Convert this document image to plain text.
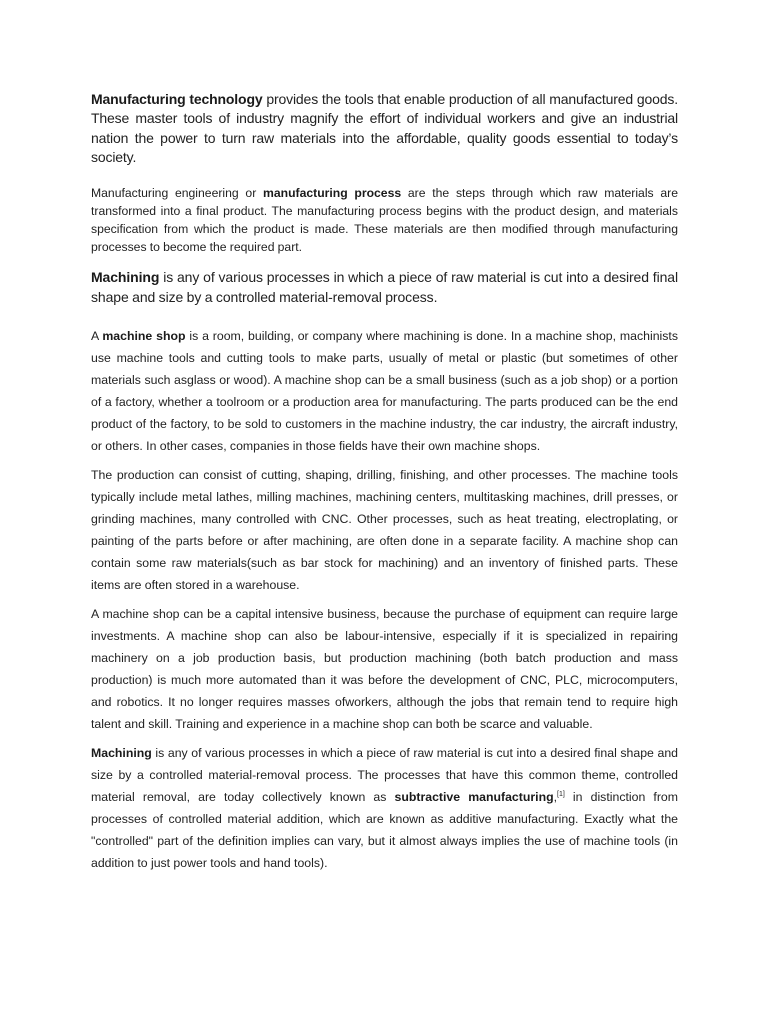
Manufacturing technology provides the tools that enable production of all manufactured goods. These master tools of industry magnify the effort of individual workers and give an industrial nation the power to turn raw materials into the affordable, quality goods essential to today’s society.

Manufacturing engineering or manufacturing process are the steps through which raw materials are transformed into a final product. The manufacturing process begins with the product design, and materials specification from which the product is made. These materials are then modified through manufacturing processes to become the required part.

Machining is any of various processes in which a piece of raw material is cut into a desired final shape and size by a controlled material-removal process.

A machine shop is a room, building, or company where machining is done. In a machine shop, machinists use machine tools and cutting tools to make parts, usually of metal or plastic (but sometimes of other materials such asglass or wood). A machine shop can be a small business (such as a job shop) or a portion of a factory, whether a toolroom or a production area for manufacturing. The parts produced can be the end product of the factory, to be sold to customers in the machine industry, the car industry, the aircraft industry, or others. In other cases, companies in those fields have their own machine shops.

The production can consist of cutting, shaping, drilling, finishing, and other processes. The machine tools typically include metal lathes, milling machines, machining centers, multitasking machines, drill presses, or grinding machines, many controlled with CNC. Other processes, such as heat treating, electroplating, or painting of the parts before or after machining, are often done in a separate facility. A machine shop can contain some raw materials(such as bar stock for machining) and an inventory of finished parts. These items are often stored in a warehouse.

A machine shop can be a capital intensive business, because the purchase of equipment can require large investments. A machine shop can also be labour-intensive, especially if it is specialized in repairing machinery on a job production basis, but production machining (both batch production and mass production) is much more automated than it was before the development of CNC, PLC, microcomputers, and robotics. It no longer requires masses ofworkers, although the jobs that remain tend to require high talent and skill. Training and experience in a machine shop can both be scarce and valuable.

Machining is any of various processes in which a piece of raw material is cut into a desired final shape and size by a controlled material-removal process. The processes that have this common theme, controlled material removal, are today collectively known as subtractive manufacturing,[1] in distinction from processes of controlled material addition, which are known as additive manufacturing. Exactly what the "controlled" part of the definition implies can vary, but it almost always implies the use of machine tools (in addition to just power tools and hand tools).
